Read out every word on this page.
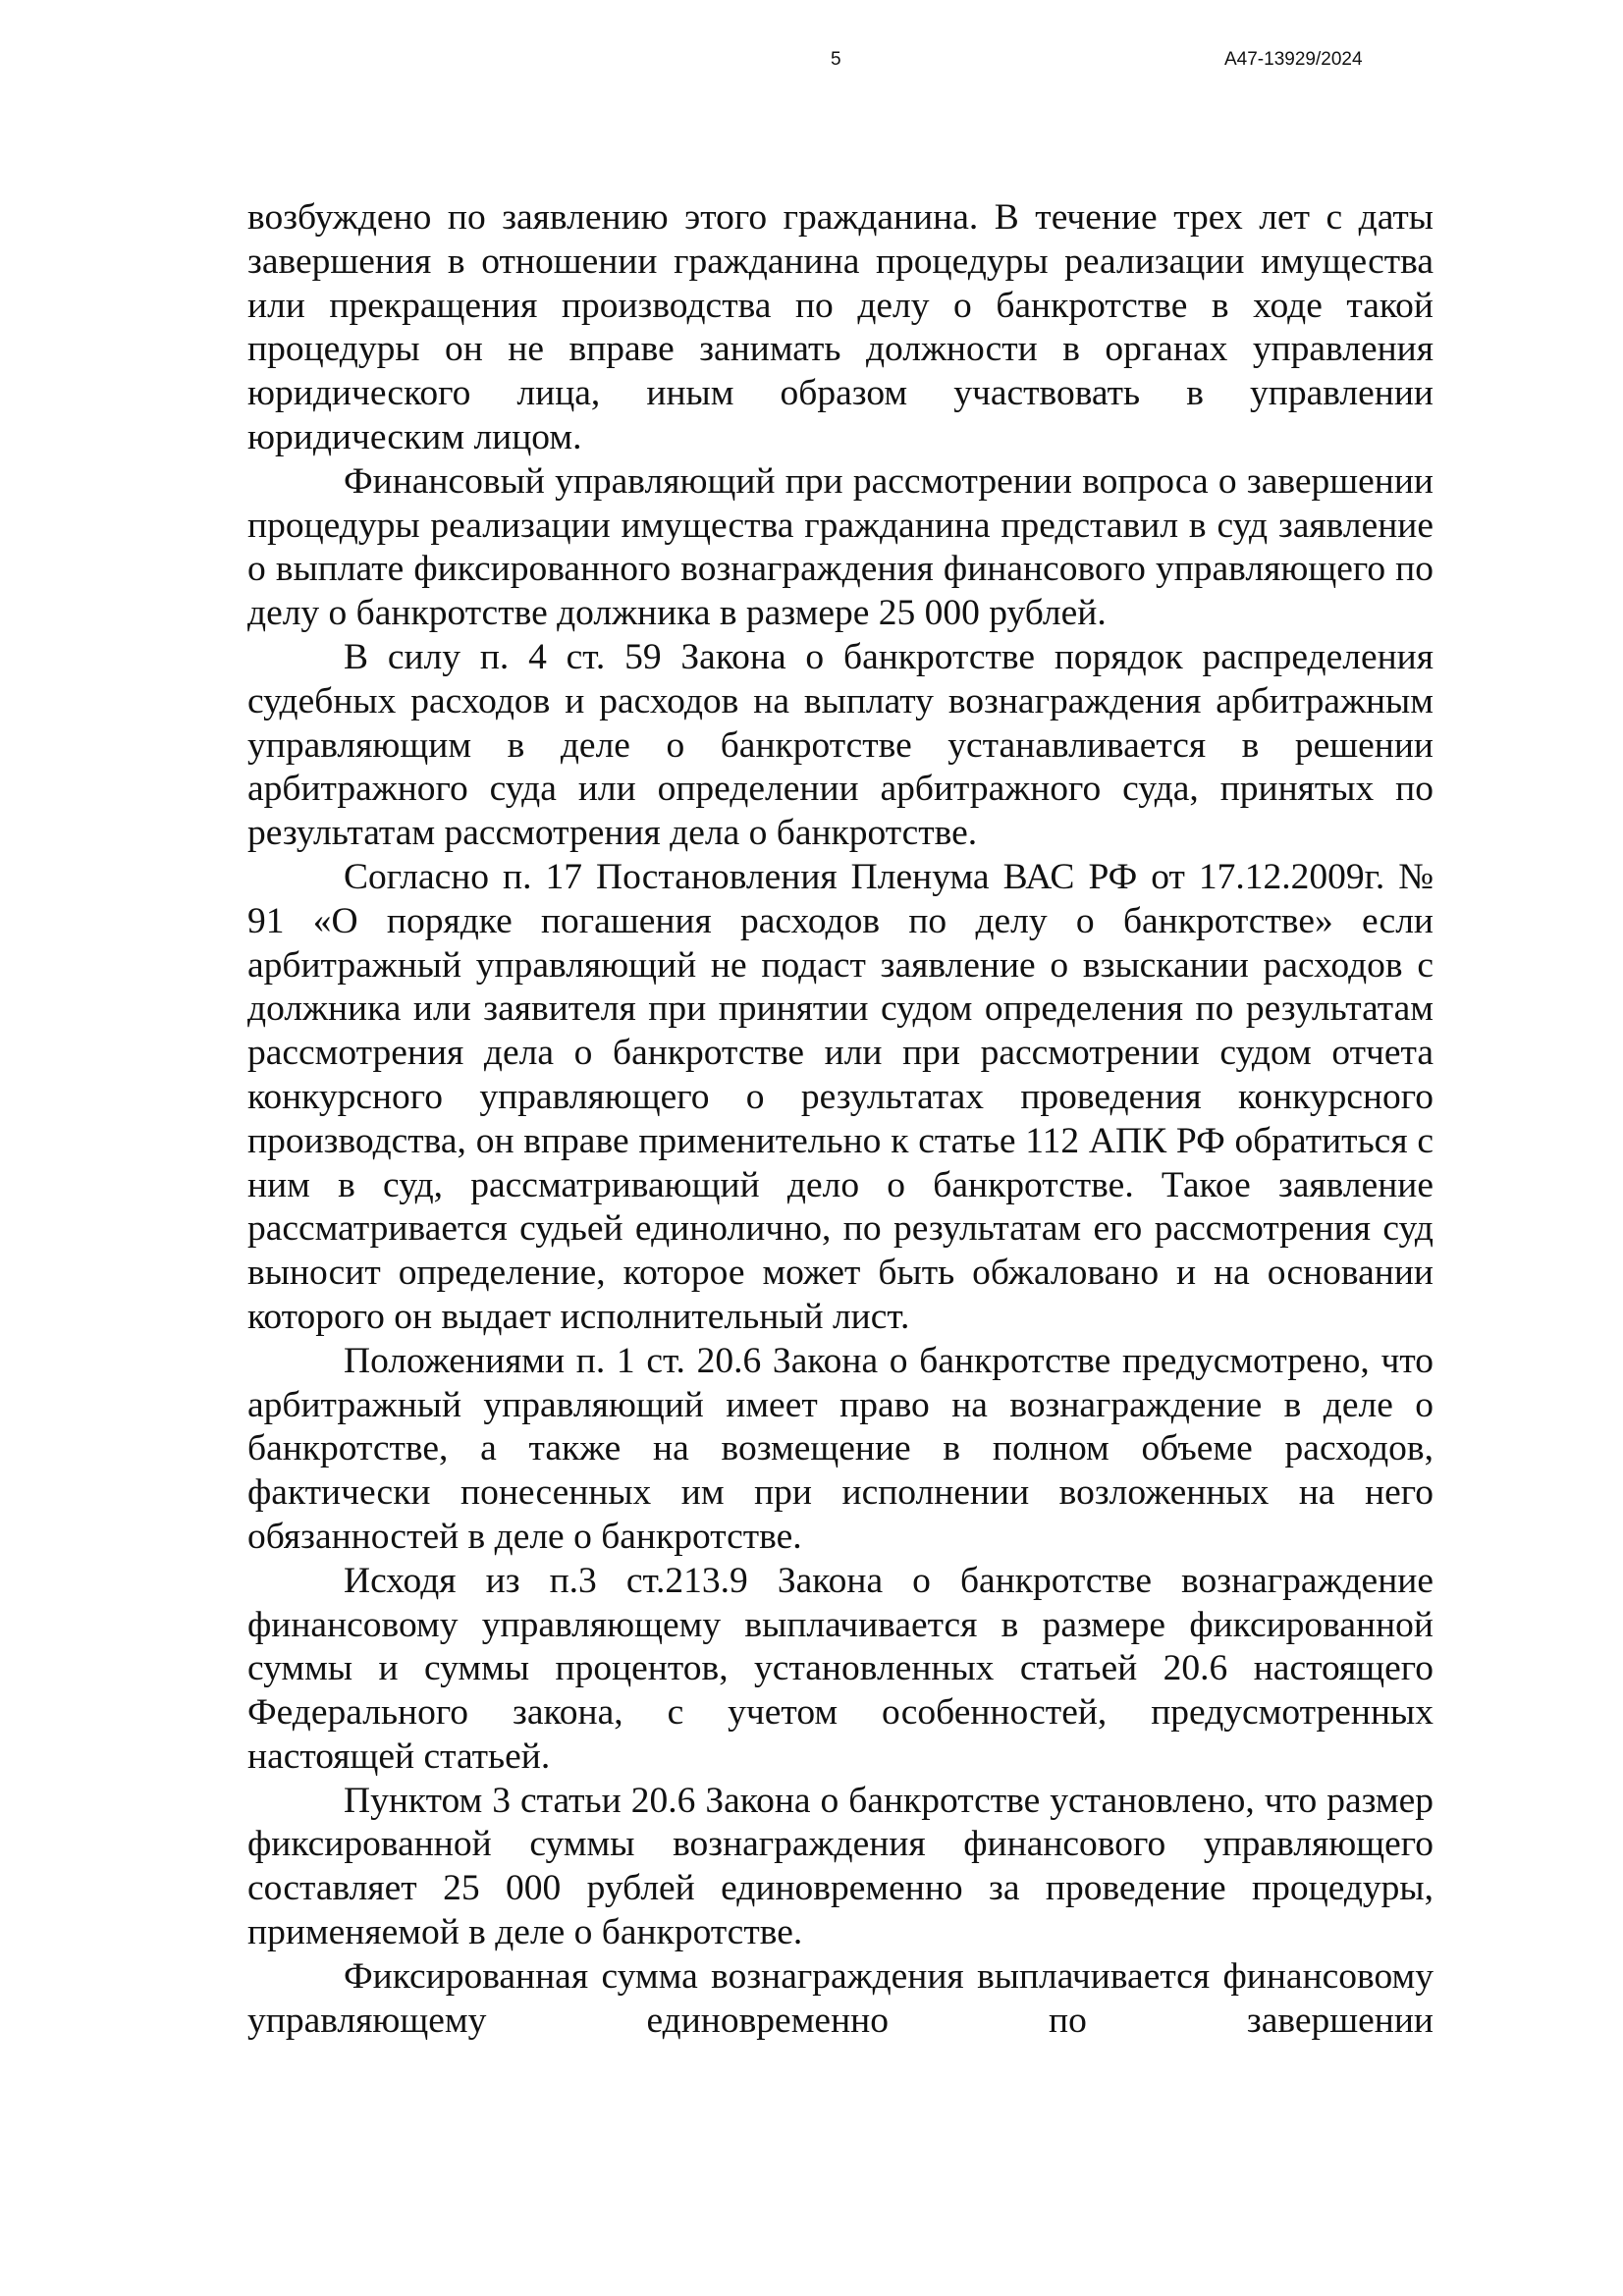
5	А47-13929/2024

возбуждено по заявлению этого гражданина. В течение трех лет с даты завершения в отношении гражданина процедуры реализации имущества или прекращения производства по делу о банкротстве в ходе такой процедуры он не вправе занимать должности в органах управления юридического лица, иным образом участвовать в управлении юридическим лицом.

Финансовый управляющий при рассмотрении вопроса о завершении процедуры реализации имущества гражданина представил в суд заявление о выплате фиксированного вознаграждения финансового управляющего по делу о банкротстве должника в размере 25 000 рублей.

В силу п. 4 ст. 59 Закона о банкротстве порядок распределения судебных расходов и расходов на выплату вознаграждения арбитражным управляющим в деле о банкротстве устанавливается в решении арбитражного суда или определении арбитражного суда, принятых по результатам рассмотрения дела о банкротстве.

Согласно п. 17 Постановления Пленума ВАС РФ от 17.12.2009г. № 91 «О порядке погашения расходов по делу о банкротстве» если арбитражный управляющий не подаст заявление о взыскании расходов с должника или заявителя при принятии судом определения по результатам рассмотрения дела о банкротстве или при рассмотрении судом отчета конкурсного управляющего о результатах проведения конкурсного производства, он вправе применительно к статье 112 АПК РФ обратиться с ним в суд, рассматривающий дело о банкротстве. Такое заявление рассматривается судьей единолично, по результатам его рассмотрения суд выносит определение, которое может быть обжаловано и на основании которого он выдает исполнительный лист.

Положениями п. 1 ст. 20.6 Закона о банкротстве предусмотрено, что арбитражный управляющий имеет право на вознаграждение в деле о банкротстве, а также на возмещение в полном объеме расходов, фактически понесенных им при исполнении возложенных на него обязанностей в деле о банкротстве.

Исходя из п.3 ст.213.9 Закона о банкротстве вознаграждение финансовому управляющему выплачивается в размере фиксированной суммы и суммы процентов, установленных статьей 20.6 настоящего Федерального закона, с учетом особенностей, предусмотренных настоящей статьей.

Пунктом 3 статьи 20.6 Закона о банкротстве установлено, что размер фиксированной суммы вознаграждения финансового управляющего составляет 25 000 рублей единовременно за проведение процедуры, применяемой в деле о банкротстве.

Фиксированная сумма вознаграждения выплачивается финансовому управляющему единовременно по завершении
